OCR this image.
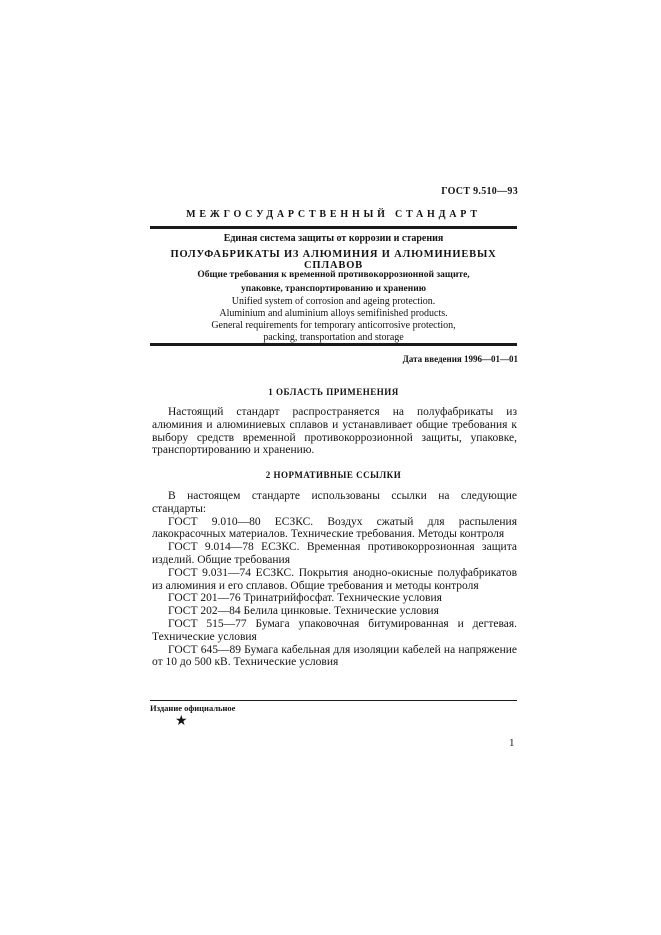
ГОСТ 9.510—93
МЕЖГОСУДАРСТВЕННЫЙ СТАНДАРТ
Единая система защиты от коррозии и старения
ПОЛУФАБРИКАТЫ ИЗ АЛЮМИНИЯ И АЛЮМИНИЕВЫХ СПЛАВОВ
Общие требования к временной противокоррозионной защите,
упаковке, транспортированию и хранению
Unified system of corrosion and ageing protection.
Aluminium and aluminium alloys semifinished products.
General requirements for temporary anticorrosive protection,
packing, transportation and storage
Дата введения 1996—01—01
1 ОБЛАСТЬ ПРИМЕНЕНИЯ

Настоящий стандарт распространяется на полуфабрикаты из алюминия и алюминиевых сплавов и устанавливает общие требования к выбору средств временной противокоррозионной защиты, упаковке, транспортированию и хранению.

2 НОРМАТИВНЫЕ ССЫЛКИ

В настоящем стандарте использованы ссылки на следующие стандарты:

ГОСТ 9.010—80 ЕСЗКС. Воздух сжатый для распыления лакокрасочных материалов. Технические требования. Методы контроля

ГОСТ 9.014—78 ЕСЗКС. Временная противокоррозионная защита изделий. Общие требования

ГОСТ 9.031—74 ЕСЗКС. Покрытия анодно-окисные полуфабрикатов из алюминия и его сплавов. Общие требования и методы контроля

ГОСТ 201—76 Тринатрийфосфат. Технические условия

ГОСТ 202—84 Белила цинковые. Технические условия

ГОСТ 515—77 Бумага упаковочная битумированная и дегтевая. Технические условия

ГОСТ 645—89 Бумага кабельная для изоляции кабелей на напряжение от 10 до 500 кВ. Технические условия

Издание официальное
★
1
